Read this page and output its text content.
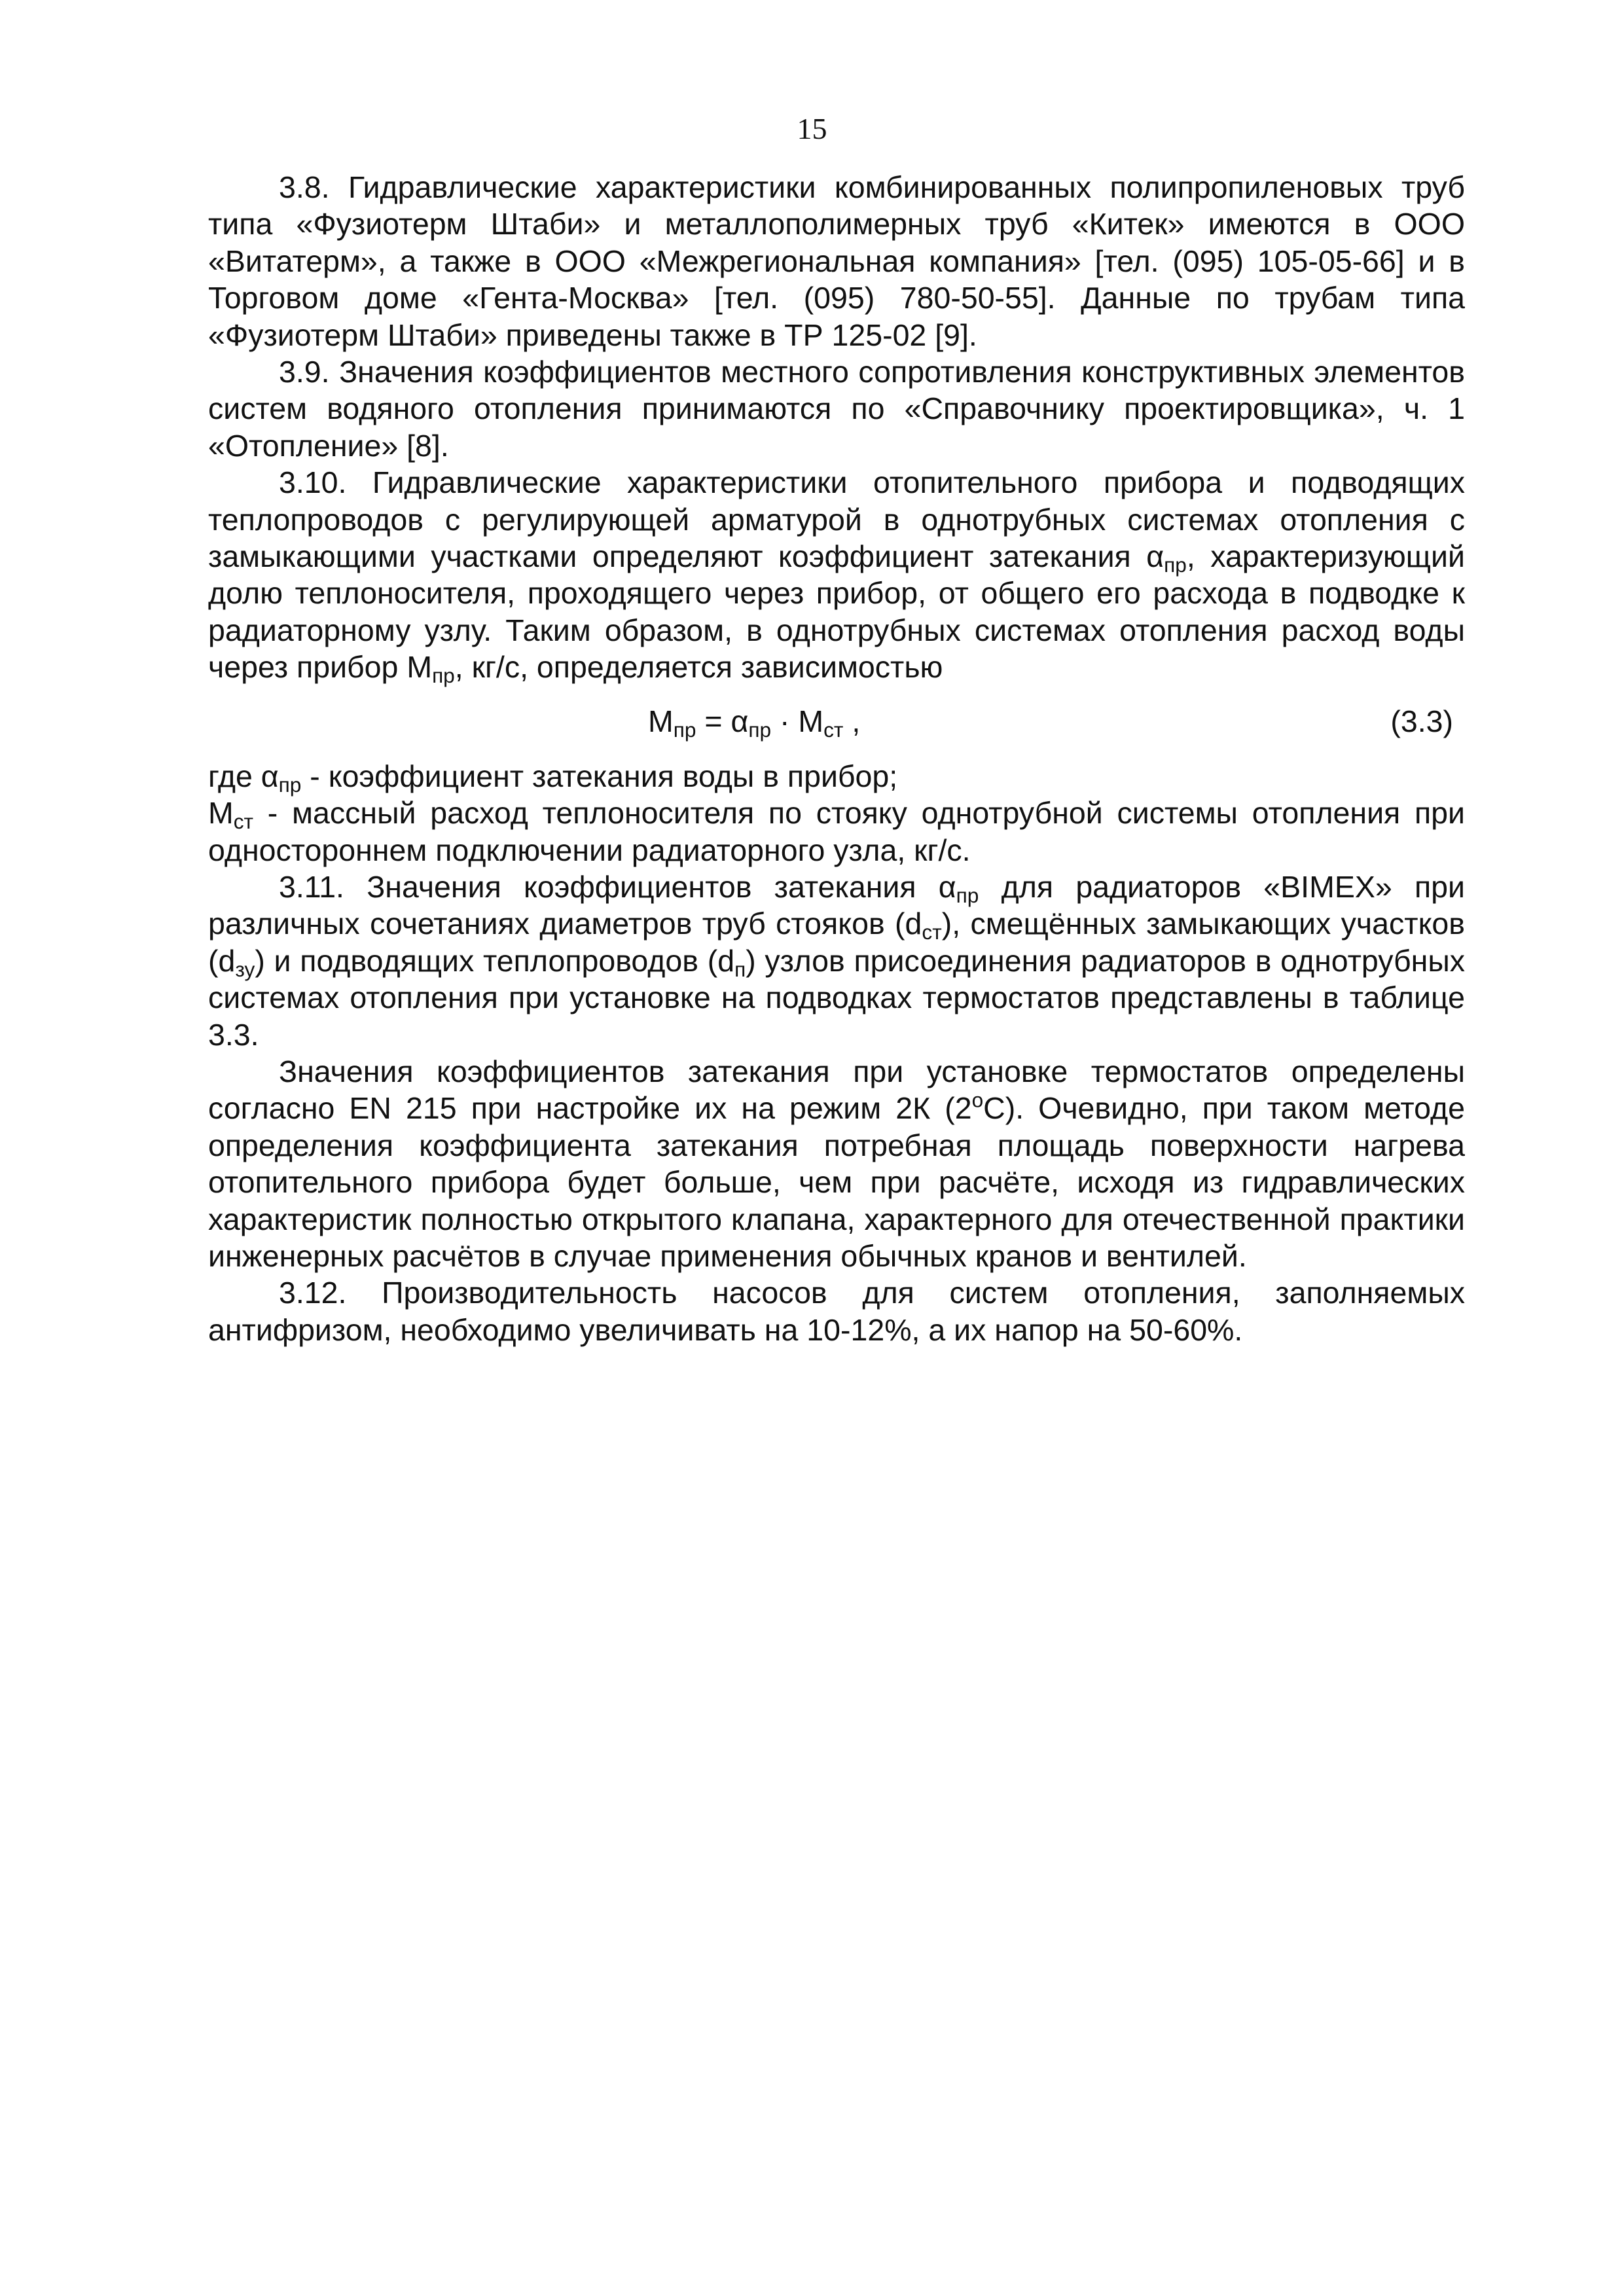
15

3.8. Гидравлические характеристики комбинированных полипропиленовых труб типа «Фузиотерм Штаби» и металлополимерных труб «Китек» имеются в ООО «Витатерм», а также в ООО «Межрегиональная компания» [тел. (095) 105-05-66] и в Торговом доме «Гента-Москва» [тел. (095) 780-50-55]. Данные по трубам типа «Фузиотерм Штаби» приведены также в ТР 125-02 [9].

3.9. Значения коэффициентов местного сопротивления конструктивных элементов систем водяного отопления принимаются по «Справочнику проектировщика», ч. 1 «Отопление» [8].

3.10. Гидравлические характеристики отопительного прибора и подводящих теплопроводов с регулирующей арматурой в однотрубных системах отопления с замыкающими участками определяют коэффициент затекания $\alpha_{пр}$, характеризующий долю теплоносителя, проходящего через прибор, от общего его расхода в подводке к радиаторному узлу. Таким образом, в однотрубных системах отопления расход воды через прибор $М_{пр}$, кг/с, определяется зависимостью

$М_{пр} = \alpha_{пр} \cdot М_{ст}$ ,	(3.3)

где $\alpha_{пр}$ - коэффициент затекания воды в прибор;

$М_{ст}$ - массный расход теплоносителя по стояку однотрубной системы отопления при одностороннем подключении радиаторного узла, кг/с.

3.11. Значения коэффициентов затекания $\alpha_{пр}$ для радиаторов «BIMEX» при различных сочетаниях диаметров труб стояков $(d_{ст})$, смещённых замыкающих участков $(d_{зу})$ и подводящих теплопроводов $(d_п)$ узлов присоединения радиаторов в однотрубных системах отопления при установке на подводках термостатов представлены в таблице 3.3.

Значения коэффициентов затекания при установке термостатов определены согласно EN 215 при настройке их на режим 2К $(2^оС)$. Очевидно, при таком методе определения коэффициента затекания потребная площадь поверхности нагрева отопительного прибора будет больше, чем при расчёте, исходя из гидравлических характеристик полностью открытого клапана, характерного для отечественной практики инженерных расчётов в случае применения обычных кранов и вентилей.

3.12. Производительность насосов для систем отопления, заполняемых антифризом, необходимо увеличивать на 10-12%, а их напор на 50-60%.
